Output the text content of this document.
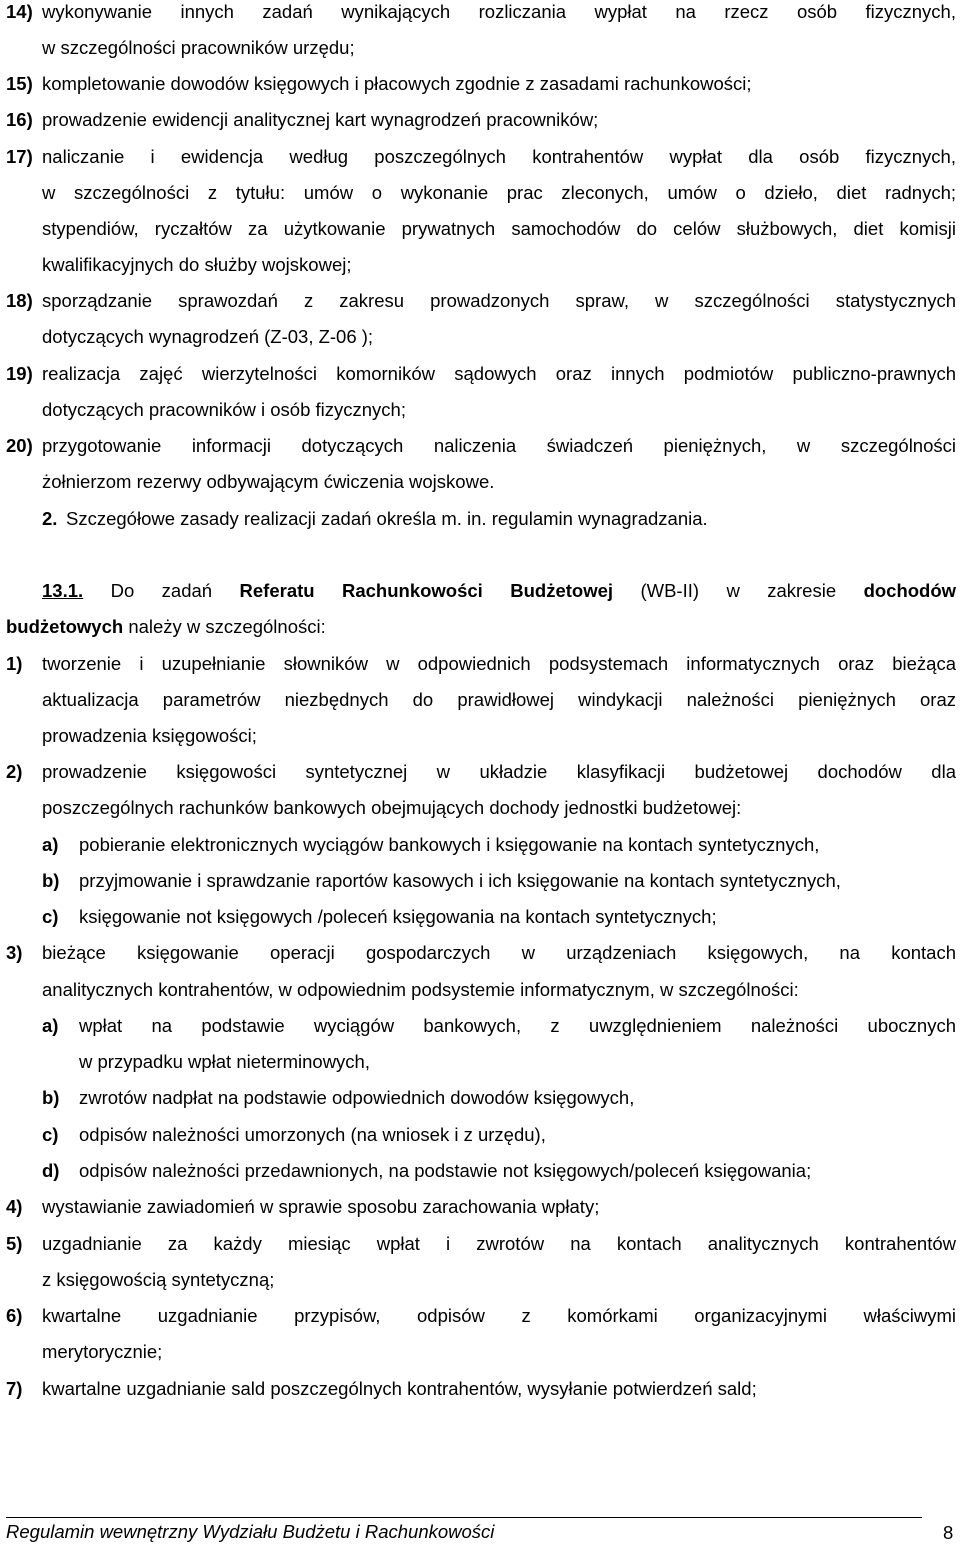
14) wykonywanie innych zadań wynikających rozliczania wypłat na rzecz osób fizycznych,
w szczególności pracowników urzędu;
15) kompletowanie dowodów księgowych i płacowych zgodnie z zasadami rachunkowości;
16) prowadzenie ewidencji analitycznej kart wynagrodzeń pracowników;
17) naliczanie i ewidencja według poszczególnych kontrahentów wypłat dla osób fizycznych,
w szczególności z tytułu: umów o wykonanie prac zleconych, umów o dzieło, diet radnych;
stypendiów, ryczałtów za użytkowanie prywatnych samochodów do celów służbowych, diet komisji
kwalifikacyjnych do służby wojskowej;
18) sporządzanie sprawozdań z zakresu prowadzonych spraw, w szczególności statystycznych
dotyczących wynagrodzeń (Z-03, Z-06 );
19) realizacja zajęć wierzytelności komorników sądowych oraz innych podmiotów publiczno-prawnych
dotyczących pracowników i osób fizycznych;
20) przygotowanie informacji dotyczących naliczenia świadczeń pieniężnych, w szczególności
żołnierzom rezerwy odbywającym ćwiczenia wojskowe.
2. Szczegółowe zasady realizacji zadań określa m. in. regulamin wynagradzania.
13.1. Do zadań Referatu Rachunkowości Budżetowej (WB-II) w zakresie dochodów
budżetowych należy w szczególności:
1) tworzenie i uzupełnianie słowników w odpowiednich podsystemach informatycznych oraz bieżąca
aktualizacja parametrów niezbędnych do prawidłowej windykacji należności pieniężnych oraz
prowadzenia księgowości;
2) prowadzenie księgowości syntetycznej w układzie klasyfikacji budżetowej dochodów dla
poszczególnych rachunków bankowych obejmujących dochody jednostki budżetowej:
a) pobieranie elektronicznych wyciągów bankowych i księgowanie na kontach syntetycznych,
b) przyjmowanie i sprawdzanie raportów kasowych i ich księgowanie na kontach syntetycznych,
c) księgowanie not księgowych /poleceń księgowania na kontach syntetycznych;
3) bieżące księgowanie operacji gospodarczych w urządzeniach księgowych, na kontach
analitycznych kontrahentów, w odpowiednim podsystemie informatycznym, w szczególności:
a) wpłat na podstawie wyciągów bankowych, z uwzględnieniem należności ubocznych
w przypadku wpłat nieterminowych,
b) zwrotów nadpłat na podstawie odpowiednich dowodów księgowych,
c) odpisów należności umorzonych (na wniosek i z urzędu),
d) odpisów należności przedawnionych, na podstawie not księgowych/poleceń księgowania;
4) wystawianie zawiadomień w sprawie sposobu zarachowania wpłaty;
5) uzgadnianie za każdy miesiąc wpłat i zwrotów na kontach analitycznych kontrahentów
z księgowością syntetyczną;
6) kwartalne uzgadnianie przypisów, odpisów z komórkami organizacyjnymi właściwymi
merytorycznie;
7) kwartalne uzgadnianie sald poszczególnych kontrahentów, wysyłanie potwierdzeń sald;
Regulamin wewnętrzny Wydziału Budżetu i Rachunkowości	8
